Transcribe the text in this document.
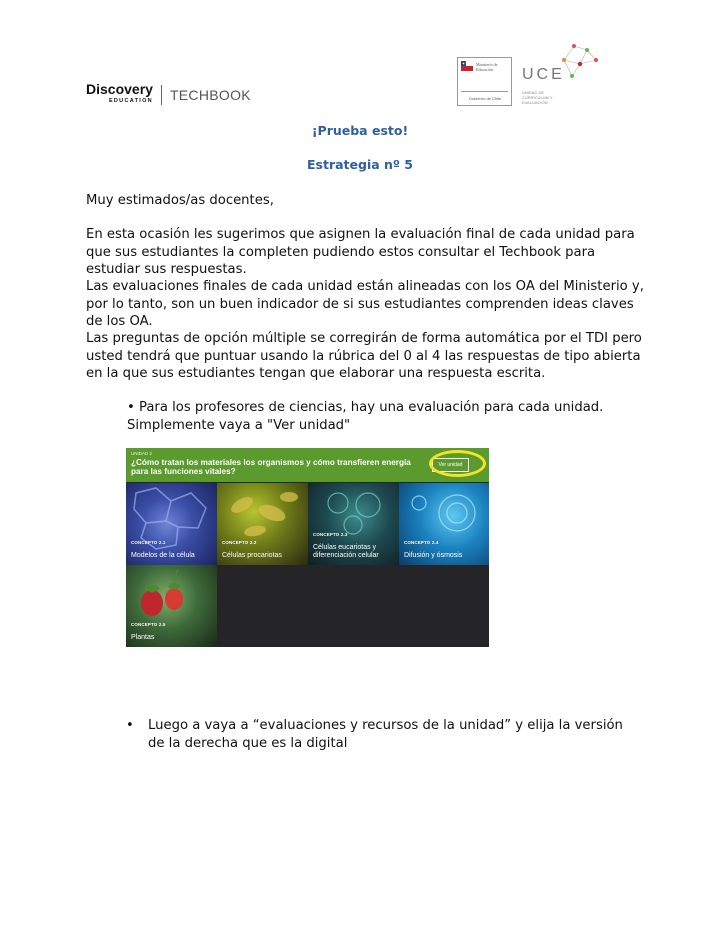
Discovery
EDUCATION TECHBOOK
Ministerio de Educación
Gobierno de Chile
UCE
UNIDAD DE CURRICULUM Y EVALUACIÓN
¡Prueba esto!
Estrategia nº 5
Muy estimados/as docentes,
En esta ocasión les sugerimos que asignen la evaluación final de cada unidad para que sus estudiantes la completen pudiendo estos consultar el Techbook para estudiar sus respuestas.
Las evaluaciones finales de cada unidad están alineadas con los OA del Ministerio y, por lo tanto, son un buen indicador de si sus estudiantes comprenden ideas claves de los OA.
Las preguntas de opción múltiple se corregirán de forma automática por el TDI pero usted tendrá que puntuar usando la rúbrica del 0 al 4 las respuestas de tipo abierta en la que sus estudiantes tengan que elaborar una respuesta escrita.
• Para los profesores de ciencias, hay una evaluación para cada unidad. Simplemente vaya a "Ver unidad"
UNIDAD 2
¿Cómo tratan los materiales los organismos y cómo transfieren energía para las funciones vitales?
Ver unidad
CONCEPTO 2.1
Modelos de la célula
CONCEPTO 2.2
Células procariotas
CONCEPTO 2.3
Células eucariotas y diferenciación celular
CONCEPTO 2.4
Difusión y ósmosis
CONCEPTO 2.5
Plantas
• Luego a vaya a “evaluaciones y recursos de la unidad” y elija la versión de la derecha que es la digital
